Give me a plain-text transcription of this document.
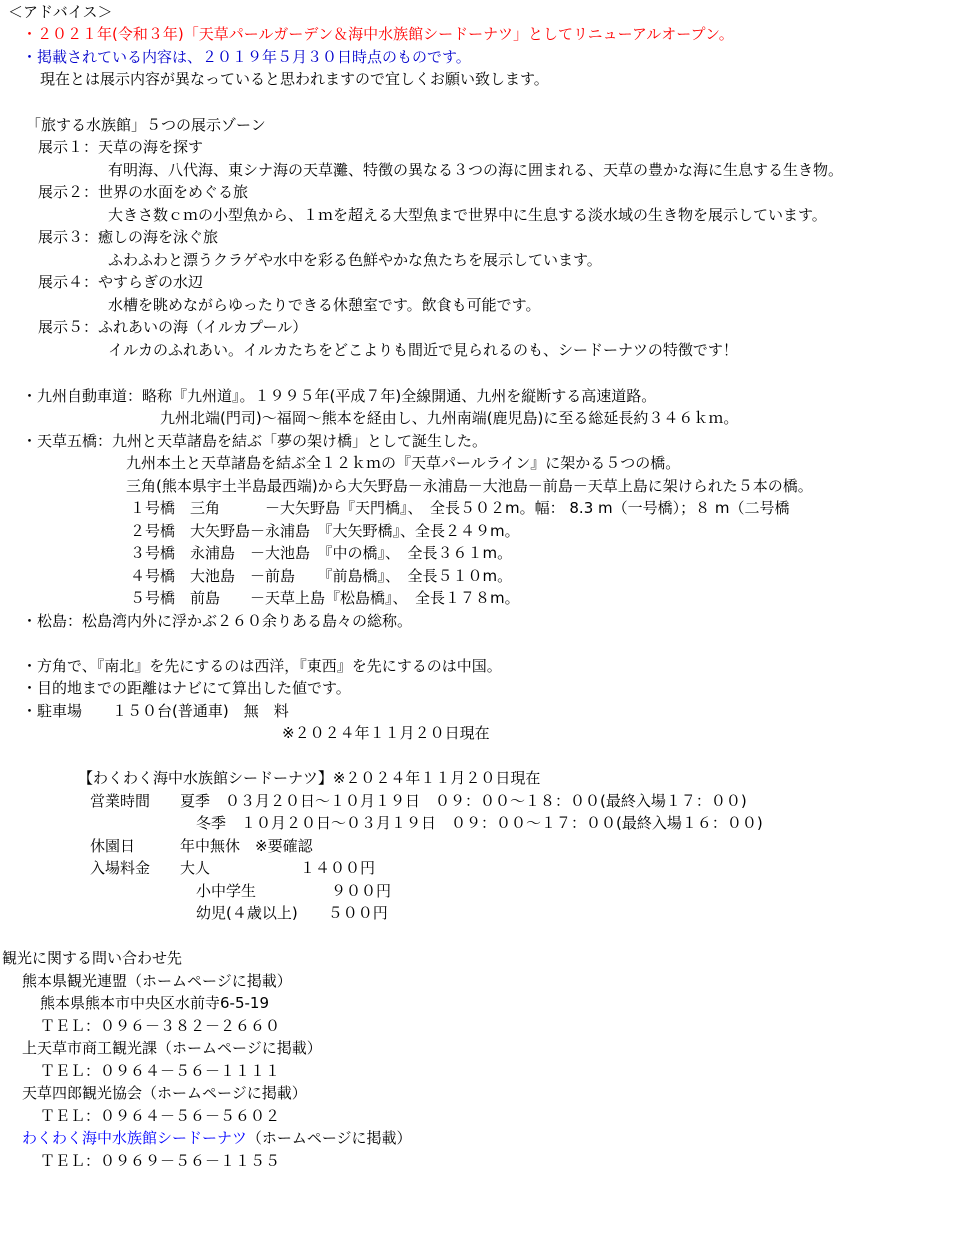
＜アドバイス＞
・２０２１年(令和３年)「天草パールガーデン＆海中水族館シードーナツ」としてリニューアルオープン。
・掲載されている内容は、２０１９年５月３０日時点のものです。
現在とは展示内容が異なっていると思われますので宜しくお願い致します。
「旅する水族館」５つの展示ゾーン
展示１：天草の海を探す
有明海、八代海、東シナ海の天草灘、特徴の異なる３つの海に囲まれる、天草の豊かな海に生息する生き物。
展示２：世界の水面をめぐる旅
大きさ数ｃｍの小型魚から、１ｍを超える大型魚まで世界中に生息する淡水域の生き物を展示しています。
展示３：癒しの海を泳ぐ旅
ふわふわと漂うクラゲや水中を彩る色鮮やかな魚たちを展示しています。
展示４：やすらぎの水辺
水槽を眺めながらゆったりできる休憩室です。飲食も可能です。
展示５：ふれあいの海（イルカプール）
イルカのふれあい。イルカたちをどこよりも間近で見られるのも、シードーナツの特徴です！
・九州自動車道：略称『九州道』。１９９５年(平成７年)全線開通、九州を縦断する高速道路。
九州北端(門司)～福岡～熊本を経由し、九州南端(鹿児島)に至る総延長約３４６ｋｍ。
・天草五橋：九州と天草諸島を結ぶ「夢の架け橋」として誕生した。
九州本土と天草諸島を結ぶ全１２ｋｍの『天草パールライン』に架かる５つの橋。
三角(熊本県宇土半島最西端)から大矢野島－永浦島－大池島－前島－天草上島に架けられた５本の橋。
１号橋　三角　　　－大矢野島『天門橋』、　全長５０２m。幅： 8.3 m（一号橋）；８ m（二号橋
２号橋　大矢野島－永浦島　『大矢野橋』、全長２４９m。
３号橋　永浦島　－大池島　『中の橋』、　全長３６１m。
４号橋　大池島　－前島　　『前島橋』、　全長５１０m。
５号橋　前島　　－天草上島『松島橋』、　全長１７８m。
・松島：松島湾内外に浮かぶ２６０余りある島々の総称。
・方角で、『南北』を先にするのは西洋，『東西』を先にするのは中国。
・目的地までの距離はナビにて算出した値です。
・駐車場　　１５０台(普通車)　無　料
※２０２４年１１月２０日現在
【わくわく海中水族館シードーナツ】※２０２４年１１月２０日現在
営業時間　　夏季　０３月２０日～１０月１９日　０９：００～１８：００(最終入場１７：００)
冬季　１０月２０日～０３月１９日　０９：００～１７：００(最終入場１６：００)
休園日　　　年中無休　※要確認
入場料金　　大人　　　　　　１４００円
小中学生　　　　　９００円
幼児(４歳以上)　　５００円
観光に関する問い合わせ先
熊本県観光連盟（ホームページに掲載）
熊本県熊本市中央区水前寺6-5-19
ＴＥＬ：０９６－３８２－２６６０
上天草市商工観光課（ホームページに掲載）
ＴＥＬ：０９６４－５６－１１１１
天草四郎観光協会（ホームページに掲載）
ＴＥＬ：０９６４－５６－５６０２
わくわく海中水族館シードーナツ（ホームページに掲載）
ＴＥＬ：０９６９－５６－１１５５
